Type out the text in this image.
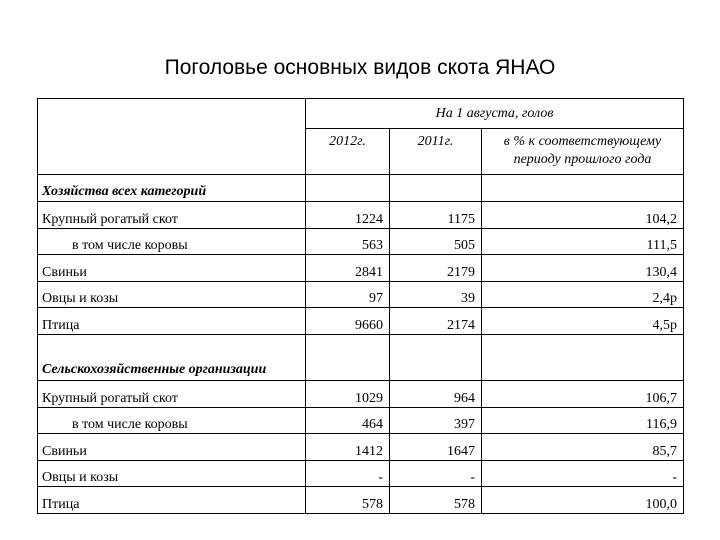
Поголовье основных видов скота ЯНАО
	На 1 августа, голов		
	2012г.	2011г.	в % к соответствующему периоду прошлого года
Хозяйства всех категорий			
Крупный рогатый скот	1224	1175	104,2
в том числе коровы	563	505	111,5
Свиньи	2841	2179	130,4
Овцы и козы	97	39	2,4р
Птица	9660	2174	4,5р
Сельскохозяйственные организации			
Крупный рогатый скот	1029	964	106,7
в том числе коровы	464	397	116,9
Свиньи	1412	1647	85,7
Овцы и козы	-	-	-
Птица	578	578	100,0
